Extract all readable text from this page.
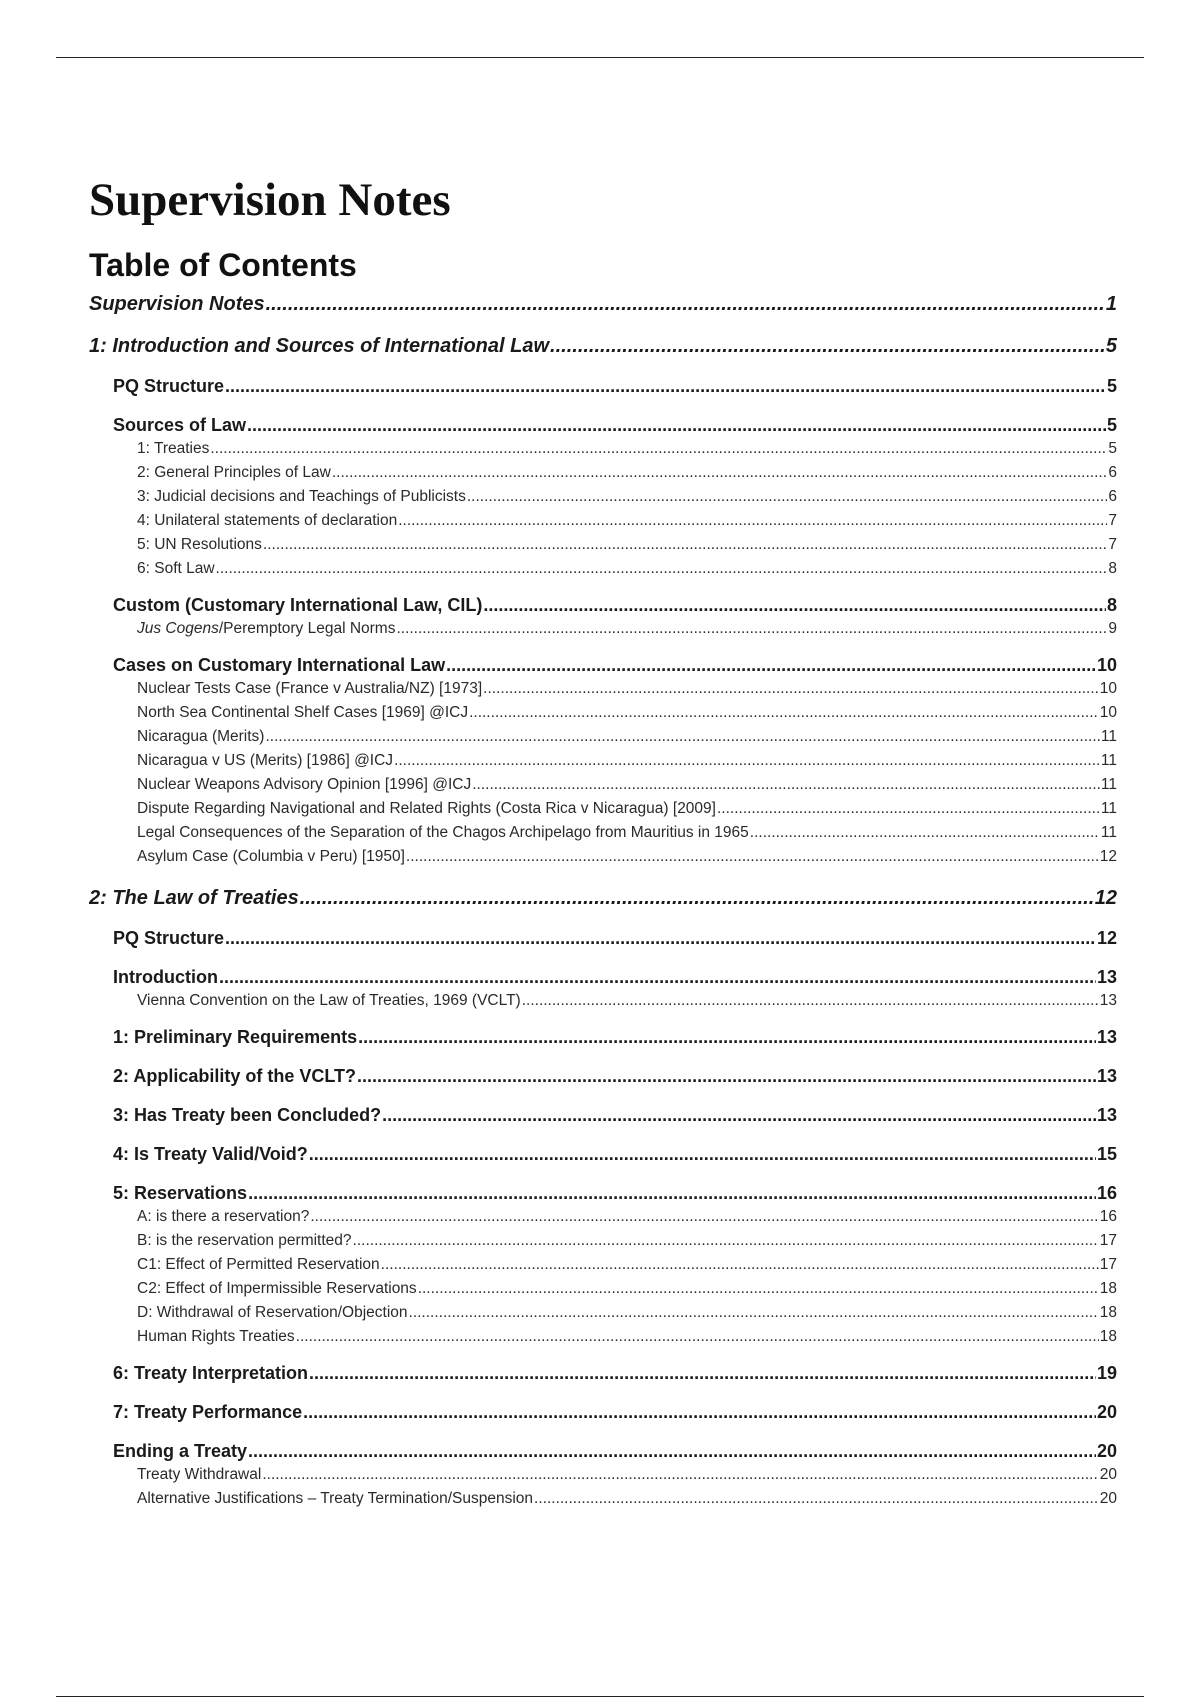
Supervision Notes
Table of Contents
Supervision Notes .....	1
1: Introduction and Sources of International Law .....	5
PQ Structure .....	5
Sources of Law .....	5
1: Treaties .....	5
2: General Principles of Law .....	6
3: Judicial decisions and Teachings of Publicists .....	6
4: Unilateral statements of declaration .....	7
5: UN Resolutions .....	7
6: Soft Law .....	8
Custom (Customary International Law, CIL) .....	8
Jus Cogens/Peremptory Legal Norms .....	9
Cases on Customary International Law .....	10
Nuclear Tests Case (France v Australia/NZ) [1973] .....	10
North Sea Continental Shelf Cases [1969] @ICJ .....	10
Nicaragua (Merits) .....	11
Nicaragua v US (Merits) [1986] @ICJ .....	11
Nuclear Weapons Advisory Opinion [1996] @ICJ .....	11
Dispute Regarding Navigational and Related Rights (Costa Rica v Nicaragua) [2009] .....	11
Legal Consequences of the Separation of the Chagos Archipelago from Mauritius in 1965 .....	11
Asylum Case (Columbia v Peru) [1950] .....	12
2: The Law of Treaties .....	12
PQ Structure .....	12
Introduction .....	13
Vienna Convention on the Law of Treaties, 1969 (VCLT) .....	13
1: Preliminary Requirements .....	13
2: Applicability of the VCLT? .....	13
3: Has Treaty been Concluded? .....	13
4: Is Treaty Valid/Void? .....	15
5: Reservations .....	16
A: is there a reservation? .....	16
B: is the reservation permitted? .....	17
C1: Effect of Permitted Reservation .....	17
C2: Effect of Impermissible Reservations .....	18
D: Withdrawal of Reservation/Objection .....	18
Human Rights Treaties .....	18
6: Treaty Interpretation .....	19
7: Treaty Performance .....	20
Ending a Treaty .....	20
Treaty Withdrawal .....	20
Alternative Justifications – Treaty Termination/Suspension .....	20
